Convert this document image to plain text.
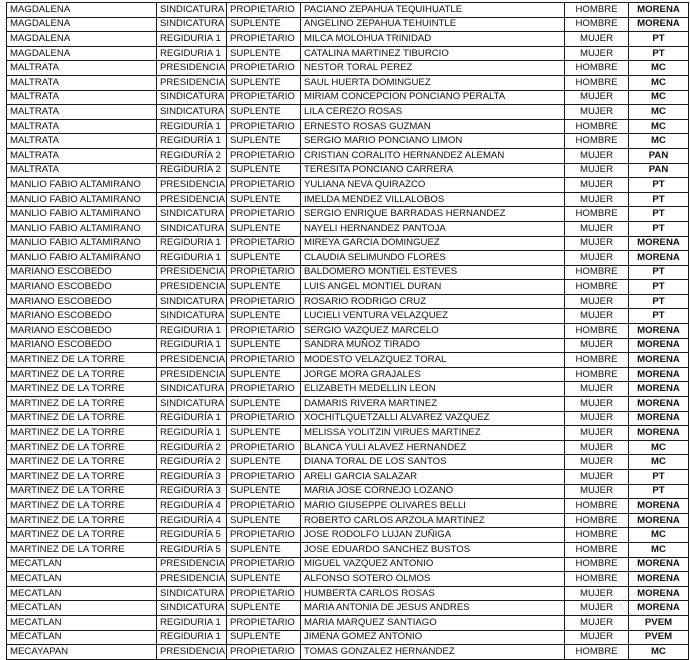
MAGDALENA	SINDICATURA	PROPIETARIO	PACIANO ZEPAHUA TEQUIHUATLE	HOMBRE	MORENA
MAGDALENA	SINDICATURA	SUPLENTE	ANGELINO ZEPAHUA TEHUINTLE	HOMBRE	MORENA
MAGDALENA	REGIDURIA 1	PROPIETARIO	MILCA MOLOHUA TRINIDAD	MUJER	PT
MAGDALENA	REGIDURIA 1	SUPLENTE	CATALINA MARTINEZ TIBURCIO	MUJER	PT
MALTRATA	PRESIDENCIA	PROPIETARIO	NESTOR TORAL PEREZ	HOMBRE	MC
MALTRATA	PRESIDENCIA	SUPLENTE	SAUL HUERTA DOMINGUEZ	HOMBRE	MC
MALTRATA	SINDICATURA	PROPIETARIO	MIRIAM CONCEPCION PONCIANO PERALTA	MUJER	MC
MALTRATA	SINDICATURA	SUPLENTE	LILA CEREZO ROSAS	MUJER	MC
MALTRATA	REGIDURÍA 1	PROPIETARIO	ERNESTO ROSAS GUZMAN	HOMBRE	MC
MALTRATA	REGIDURÍA 1	SUPLENTE	SERGIO MARIO PONCIANO LIMON	HOMBRE	MC
MALTRATA	REGIDURÍA 2	PROPIETARIO	CRISTIAN CORALITO HERNANDEZ ALEMAN	MUJER	PAN
MALTRATA	REGIDURÍA 2	SUPLENTE	TERESITA PONCIANO CARRERA	MUJER	PAN
MANLIO FABIO ALTAMIRANO	PRESIDENCIA	PROPIETARIO	YULIANA NEVA QUIRAZCO	MUJER	PT
MANLIO FABIO ALTAMIRANO	PRESIDENCIA	SUPLENTE	IMELDA MENDEZ VILLALOBOS	MUJER	PT
MANLIO FABIO ALTAMIRANO	SINDICATURA	PROPIETARIO	SERGIO ENRIQUE BARRADAS HERNANDEZ	HOMBRE	PT
MANLIO FABIO ALTAMIRANO	SINDICATURA	SUPLENTE	NAYELI HERNANDEZ PANTOJA	MUJER	PT
MANLIO FABIO ALTAMIRANO	REGIDURIA 1	PROPIETARIO	MIREYA GARCIA DOMINGUEZ	MUJER	MORENA
MANLIO FABIO ALTAMIRANO	REGIDURIA 1	SUPLENTE	CLAUDIA SELIMUNDO FLORES	MUJER	MORENA
MARIANO ESCOBEDO	PRESIDENCIA	PROPIETARIO	BALDOMERO MONTIEL ESTEVES	HOMBRE	PT
MARIANO ESCOBEDO	PRESIDENCIA	SUPLENTE	LUIS ANGEL MONTIEL DURAN	HOMBRE	PT
MARIANO ESCOBEDO	SINDICATURA	PROPIETARIO	ROSARIO RODRIGO CRUZ	MUJER	PT
MARIANO ESCOBEDO	SINDICATURA	SUPLENTE	LUCIELI VENTURA VELAZQUEZ	MUJER	PT
MARIANO ESCOBEDO	REGIDURIA 1	PROPIETARIO	SERGIO VAZQUEZ MARCELO	HOMBRE	MORENA
MARIANO ESCOBEDO	REGIDURIA 1	SUPLENTE	SANDRA MUÑOZ TIRADO	MUJER	MORENA
MARTINEZ DE LA TORRE	PRESIDENCIA	PROPIETARIO	MODESTO VELAZQUEZ TORAL	HOMBRE	MORENA
MARTINEZ DE LA TORRE	PRESIDENCIA	SUPLENTE	JORGE MORA GRAJALES	HOMBRE	MORENA
MARTINEZ DE LA TORRE	SINDICATURA	PROPIETARIO	ELIZABETH MEDELLIN LEON	MUJER	MORENA
MARTINEZ DE LA TORRE	SINDICATURA	SUPLENTE	DAMARIS RIVERA MARTINEZ	MUJER	MORENA
MARTINEZ DE LA TORRE	REGIDURÍA 1	PROPIETARIO	XOCHITLQUETZALLI ALVAREZ VAZQUEZ	MUJER	MORENA
MARTINEZ DE LA TORRE	REGIDURÍA 1	SUPLENTE	MELISSA YOLITZIN VIRUES MARTINEZ	MUJER	MORENA
MARTINEZ DE LA TORRE	REGIDURÍA 2	PROPIETARIO	BLANCA YULI ALAVEZ HERNANDEZ	MUJER	MC
MARTINEZ DE LA TORRE	REGIDURÍA 2	SUPLENTE	DIANA TORAL DE LOS SANTOS	MUJER	MC
MARTINEZ DE LA TORRE	REGIDURÍA 3	PROPIETARIO	ARELI GARCIA SALAZAR	MUJER	PT
MARTINEZ DE LA TORRE	REGIDURÍA 3	SUPLENTE	MARIA JOSE CORNEJO LOZANO	MUJER	PT
MARTINEZ DE LA TORRE	REGIDURÍA 4	PROPIETARIO	MARIO GIUSEPPE OLIVARES BELLI	HOMBRE	MORENA
MARTINEZ DE LA TORRE	REGIDURÍA 4	SUPLENTE	ROBERTO CARLOS ARZOLA MARTINEZ	HOMBRE	MORENA
MARTINEZ DE LA TORRE	REGIDURÍA 5	PROPIETARIO	JOSE RODOLFO LUJAN ZUÑIGA	HOMBRE	MC
MARTINEZ DE LA TORRE	REGIDURÍA 5	SUPLENTE	JOSE EDUARDO SANCHEZ BUSTOS	HOMBRE	MC
MECATLAN	PRESIDENCIA	PROPIETARIO	MIGUEL VAZQUEZ ANTONIO	HOMBRE	MORENA
MECATLAN	PRESIDENCIA	SUPLENTE	ALFONSO SOTERO OLMOS	HOMBRE	MORENA
MECATLAN	SINDICATURA	PROPIETARIO	HUMBERTA CARLOS ROSAS	MUJER	MORENA
MECATLAN	SINDICATURA	SUPLENTE	MARIA ANTONIA DE JESUS ANDRES	MUJER	MORENA
MECATLAN	REGIDURIA 1	PROPIETARIO	MARIA MARQUEZ SANTIAGO	MUJER	PVEM
MECATLAN	REGIDURIA 1	SUPLENTE	JIMENA GOMEZ ANTONIO	MUJER	PVEM
MECAYAPAN	PRESIDENCIA	PROPIETARIO	TOMAS GONZALEZ HERNANDEZ	HOMBRE	MC
